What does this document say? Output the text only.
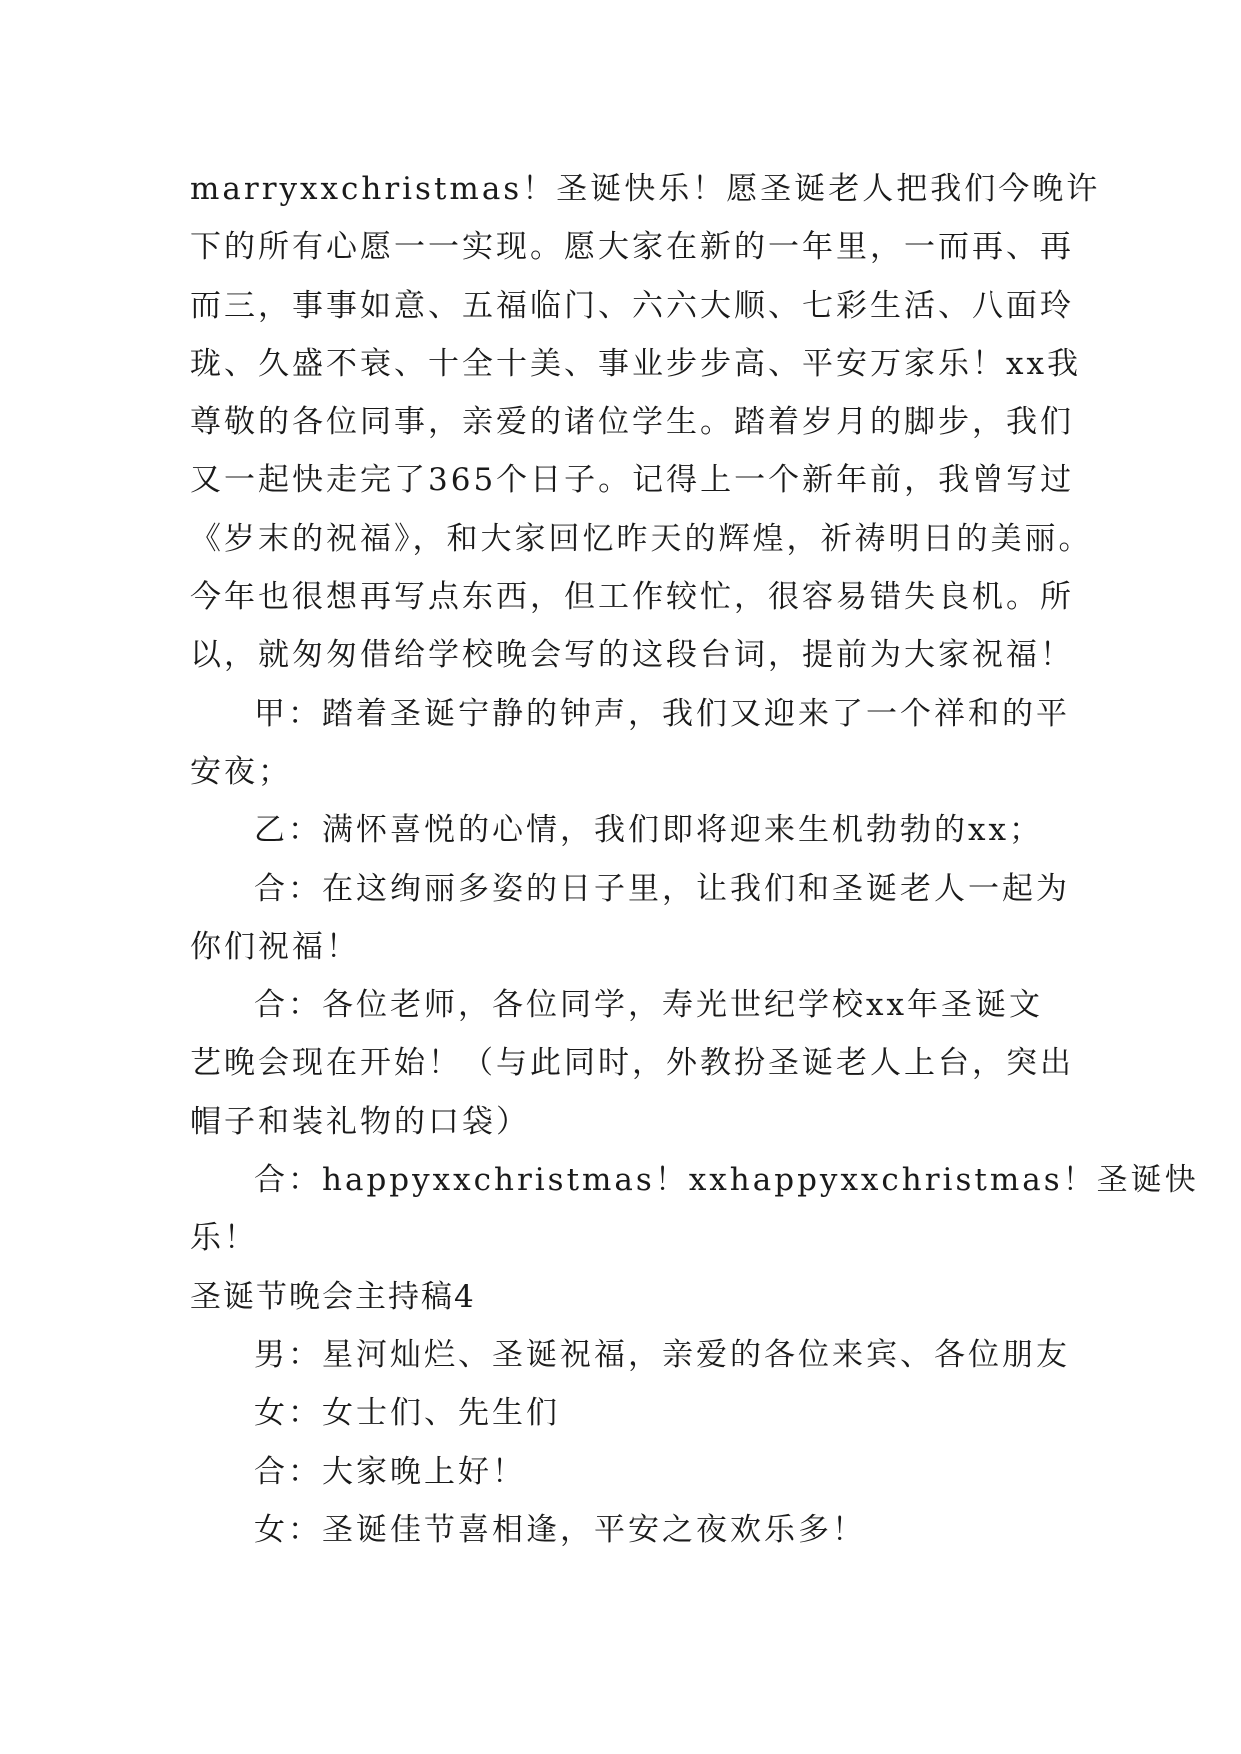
marryxxchristmas！圣诞快乐！愿圣诞老人把我们今晚许
下的所有心愿一一实现。愿大家在新的一年里，一而再、再
而三，事事如意、五福临门、六六大顺、七彩生活、八面玲
珑、久盛不衰、十全十美、事业步步高、平安万家乐！xx我
尊敬的各位同事，亲爱的诸位学生。踏着岁月的脚步，我们
又一起快走完了365个日子。记得上一个新年前，我曾写过
《岁末的祝福》，和大家回忆昨天的辉煌，祈祷明日的美丽。
今年也很想再写点东西，但工作较忙，很容易错失良机。所
以，就匆匆借给学校晚会写的这段台词，提前为大家祝福！
甲：踏着圣诞宁静的钟声，我们又迎来了一个祥和的平
安夜；
乙：满怀喜悦的心情，我们即将迎来生机勃勃的xx；
合：在这绚丽多姿的日子里，让我们和圣诞老人一起为
你们祝福！
合：各位老师，各位同学，寿光世纪学校xx年圣诞文
艺晚会现在开始！（与此同时，外教扮圣诞老人上台，突出
帽子和装礼物的口袋）
合：happyxxchristmas！xxhappyxxchristmas！圣诞快
乐！
圣诞节晚会主持稿4
男：星河灿烂、圣诞祝福，亲爱的各位来宾、各位朋友
女：女士们、先生们
合：大家晚上好！
女：圣诞佳节喜相逢，平安之夜欢乐多！
